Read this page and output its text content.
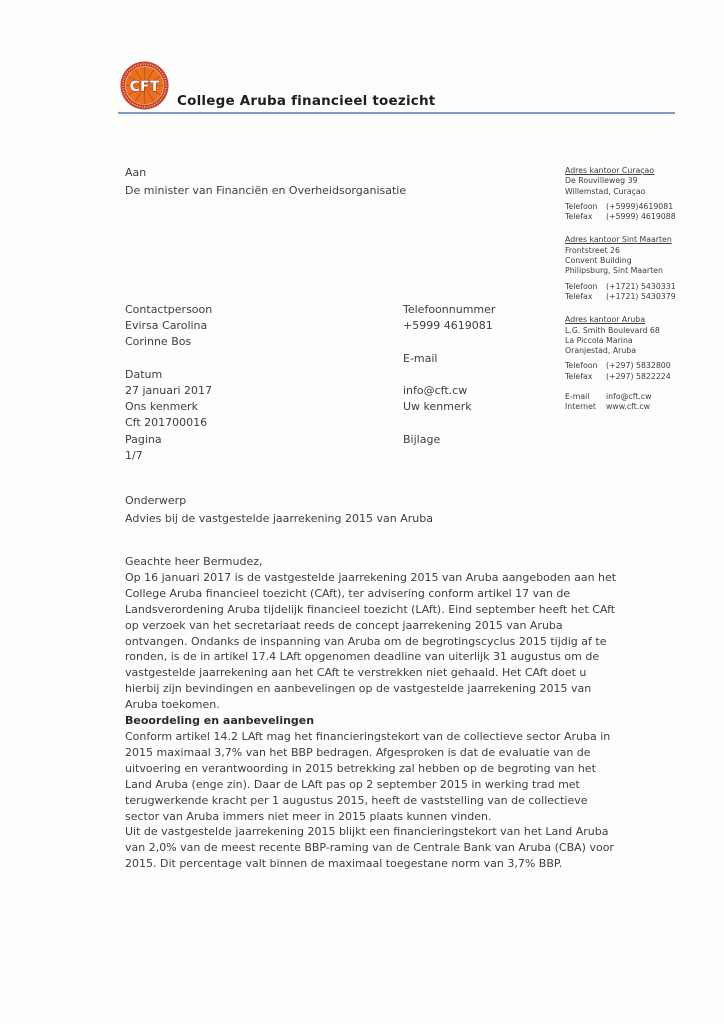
CFT
College Aruba financieel toezicht
Aan
De minister van Financiën en Overheidsorganisatie
Adres kantoor Curaçao
De Rouvilleweg 39
Willemstad, Curaçao
Telefoon (+5999)4619081
Telefax (+5999) 4619088
Adres kantoor Sint Maarten
Frontstreet 26
Convent Building
Philipsburg, Sint Maarten
Telefoon (+1721) 5430331
Telefax (+1721) 5430379
Adres kantoor Aruba
L.G. Smith Boulevard 68
La Piccola Marina
Oranjestad, Aruba
Telefoon (+297) 5832800
Telefax (+297) 5822224
E-mail info@cft.cw
Internet www.cft.cw
Contactpersoon
Evirsa Carolina
Corinne Bos
Datum
27 januari 2017
Ons kenmerk
Cft 201700016
Pagina
1/7
Telefoonnummer
+5999 4619081
E-mail
info@cft.cw
Uw kenmerk
Bijlage
Onderwerp
Advies bij de vastgestelde jaarrekening 2015 van Aruba

Geachte heer Bermudez,

Op 16 januari 2017 is de vastgestelde jaarrekening 2015 van Aruba aangeboden aan het College Aruba financieel toezicht (CAft), ter advisering conform artikel 17 van de Landsverordening Aruba tijdelijk financieel toezicht (LAft). Eind september heeft het CAft op verzoek van het secretariaat reeds de concept jaarrekening 2015 van Aruba ontvangen. Ondanks de inspanning van Aruba om de begrotingscyclus 2015 tijdig af te ronden, is de in artikel 17.4 LAft opgenomen deadline van uiterlijk 31 augustus om de vastgestelde jaarrekening aan het CAft te verstrekken niet gehaald. Het CAft doet u hierbij zijn bevindingen en aanbevelingen op de vastgestelde jaarrekening 2015 van Aruba toekomen.

Beoordeling en aanbevelingen

Conform artikel 14.2 LAft mag het financieringstekort van de collectieve sector Aruba in 2015 maximaal 3,7% van het BBP bedragen. Afgesproken is dat de evaluatie van de uitvoering en verantwoording in 2015 betrekking zal hebben op de begroting van het Land Aruba (enge zin). Daar de LAft pas op 2 september 2015 in werking trad met terugwerkende kracht per 1 augustus 2015, heeft de vaststelling van de collectieve sector van Aruba immers niet meer in 2015 plaats kunnen vinden.

Uit de vastgestelde jaarrekening 2015 blijkt een financieringstekort van het Land Aruba van 2,0% van de meest recente BBP-raming van de Centrale Bank van Aruba (CBA) voor 2015. Dit percentage valt binnen de maximaal toegestane norm van 3,7% BBP.
